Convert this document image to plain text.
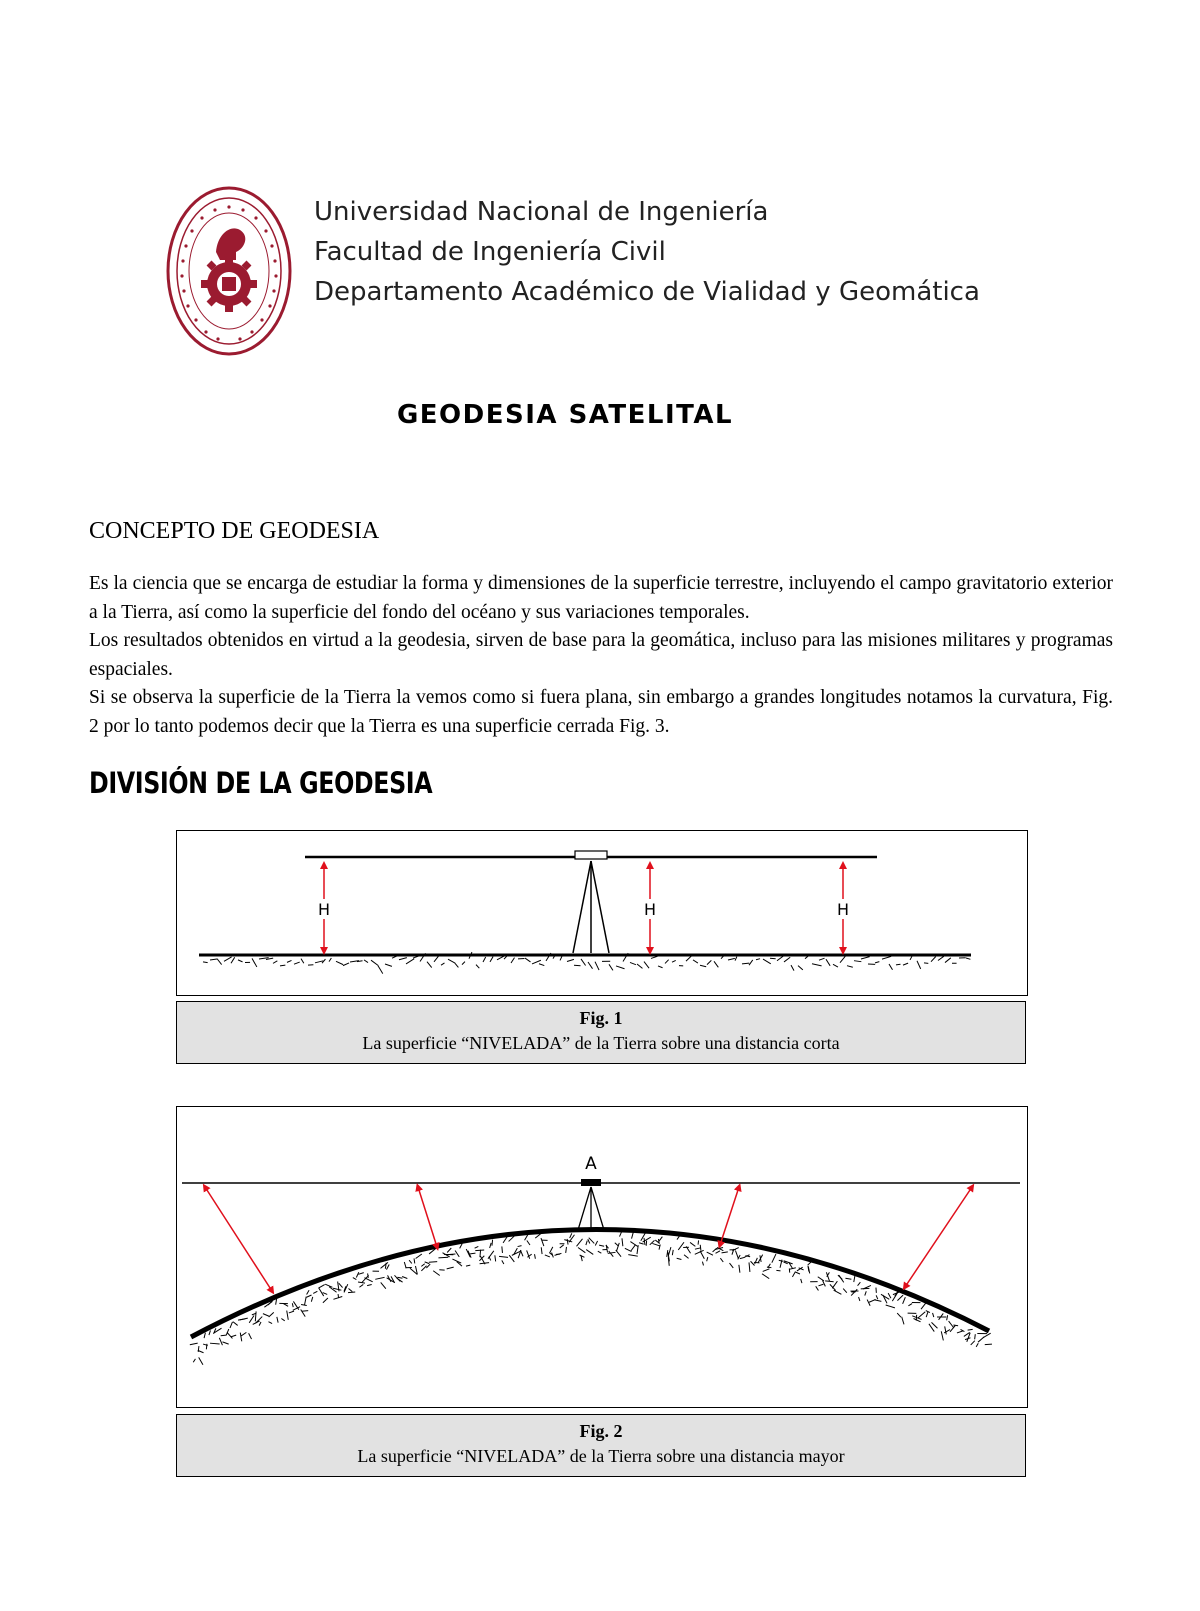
Universidad Nacional de Ingeniería
Facultad de Ingeniería Civil
Departamento Académico de Vialidad y Geomática
GEODESIA SATELITAL
CONCEPTO DE GEODESIA

Es la ciencia que se encarga de estudiar la forma y dimensiones de la superficie terrestre, incluyendo el campo gravitatorio exterior a la Tierra, así como la superficie del fondo del océano y sus variaciones temporales.

Los resultados obtenidos en virtud a la geodesia, sirven de base para la geomática, incluso para las misiones militares y programas espaciales.

Si se observa la superficie de la Tierra la vemos como si fuera plana, sin embargo a grandes longitudes notamos la curvatura, Fig. 2 por lo tanto podemos decir que la Tierra es una superficie cerrada Fig. 3.

DIVISIÓN DE LA GEODESIA
H	H	H
Fig. 1
La superficie “NIVELADA” de la Tierra sobre una distancia corta
A
Fig. 2
La superficie “NIVELADA” de la Tierra sobre una distancia mayor
